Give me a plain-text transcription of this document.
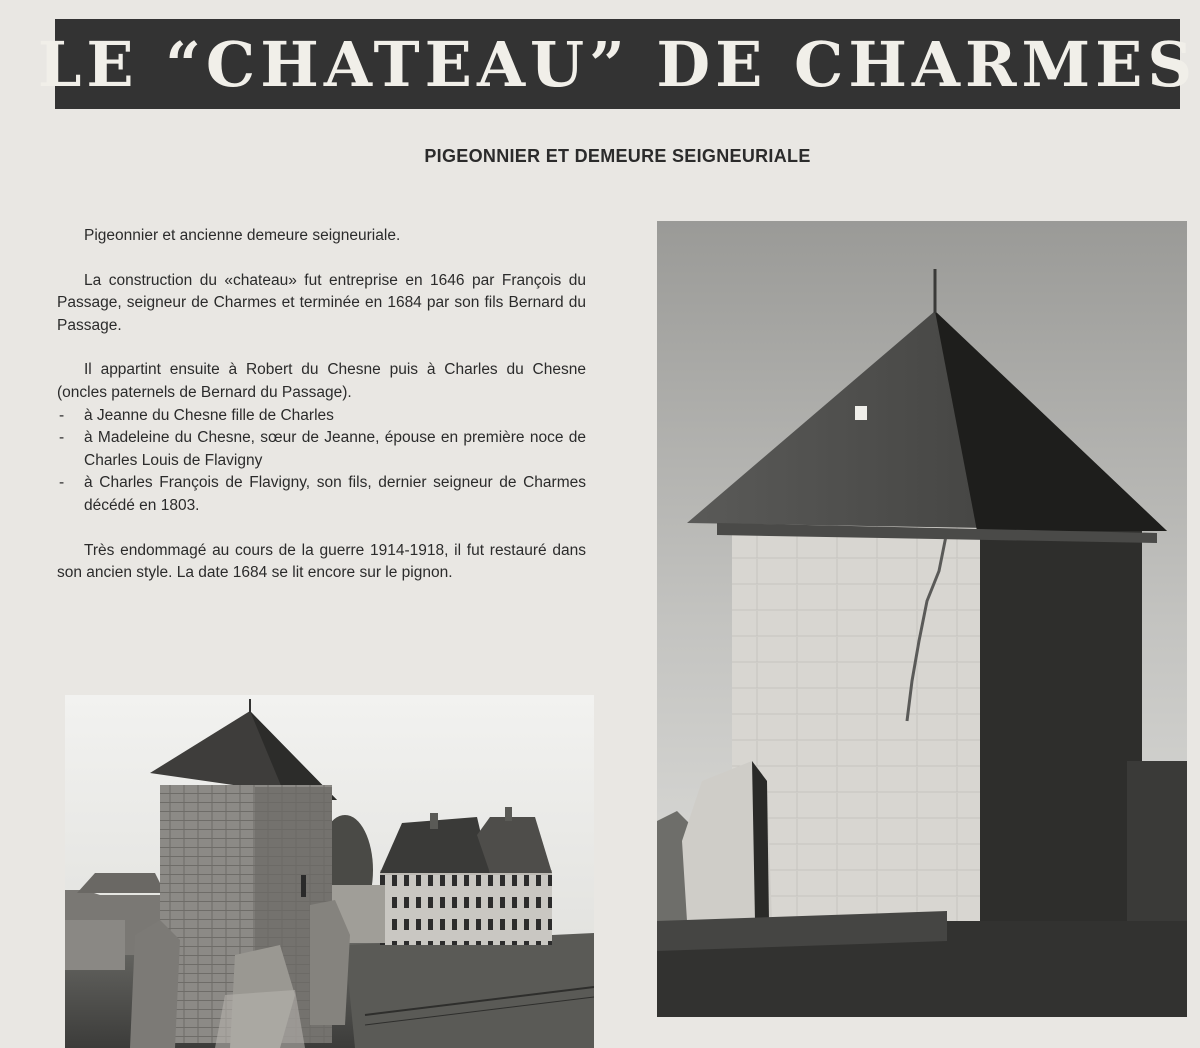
LE “CHATEAU” DE CHARMES
PIGEONNIER ET DEMEURE SEIGNEURIALE

Pigeonnier et ancienne demeure seigneuriale.

La construction du «chateau» fut entreprise en 1646 par François du Passage, seigneur de Charmes et terminée en 1684 par son fils Bernard du Passage.

Il appartint ensuite à Robert du Chesne puis à Charles du Chesne (oncles paternels de Bernard du Passage).

- à Jeanne du Chesne fille de Charles
- à Madeleine du Chesne, sœur de Jeanne, épouse en première noce de Charles Louis de Flavigny
- à Charles François de Flavigny, son fils, dernier seigneur de Charmes décédé en 1803.

Très endommagé au cours de la guerre 1914-1918, il fut restauré dans son ancien style. La date 1684 se lit encore sur le pignon.
